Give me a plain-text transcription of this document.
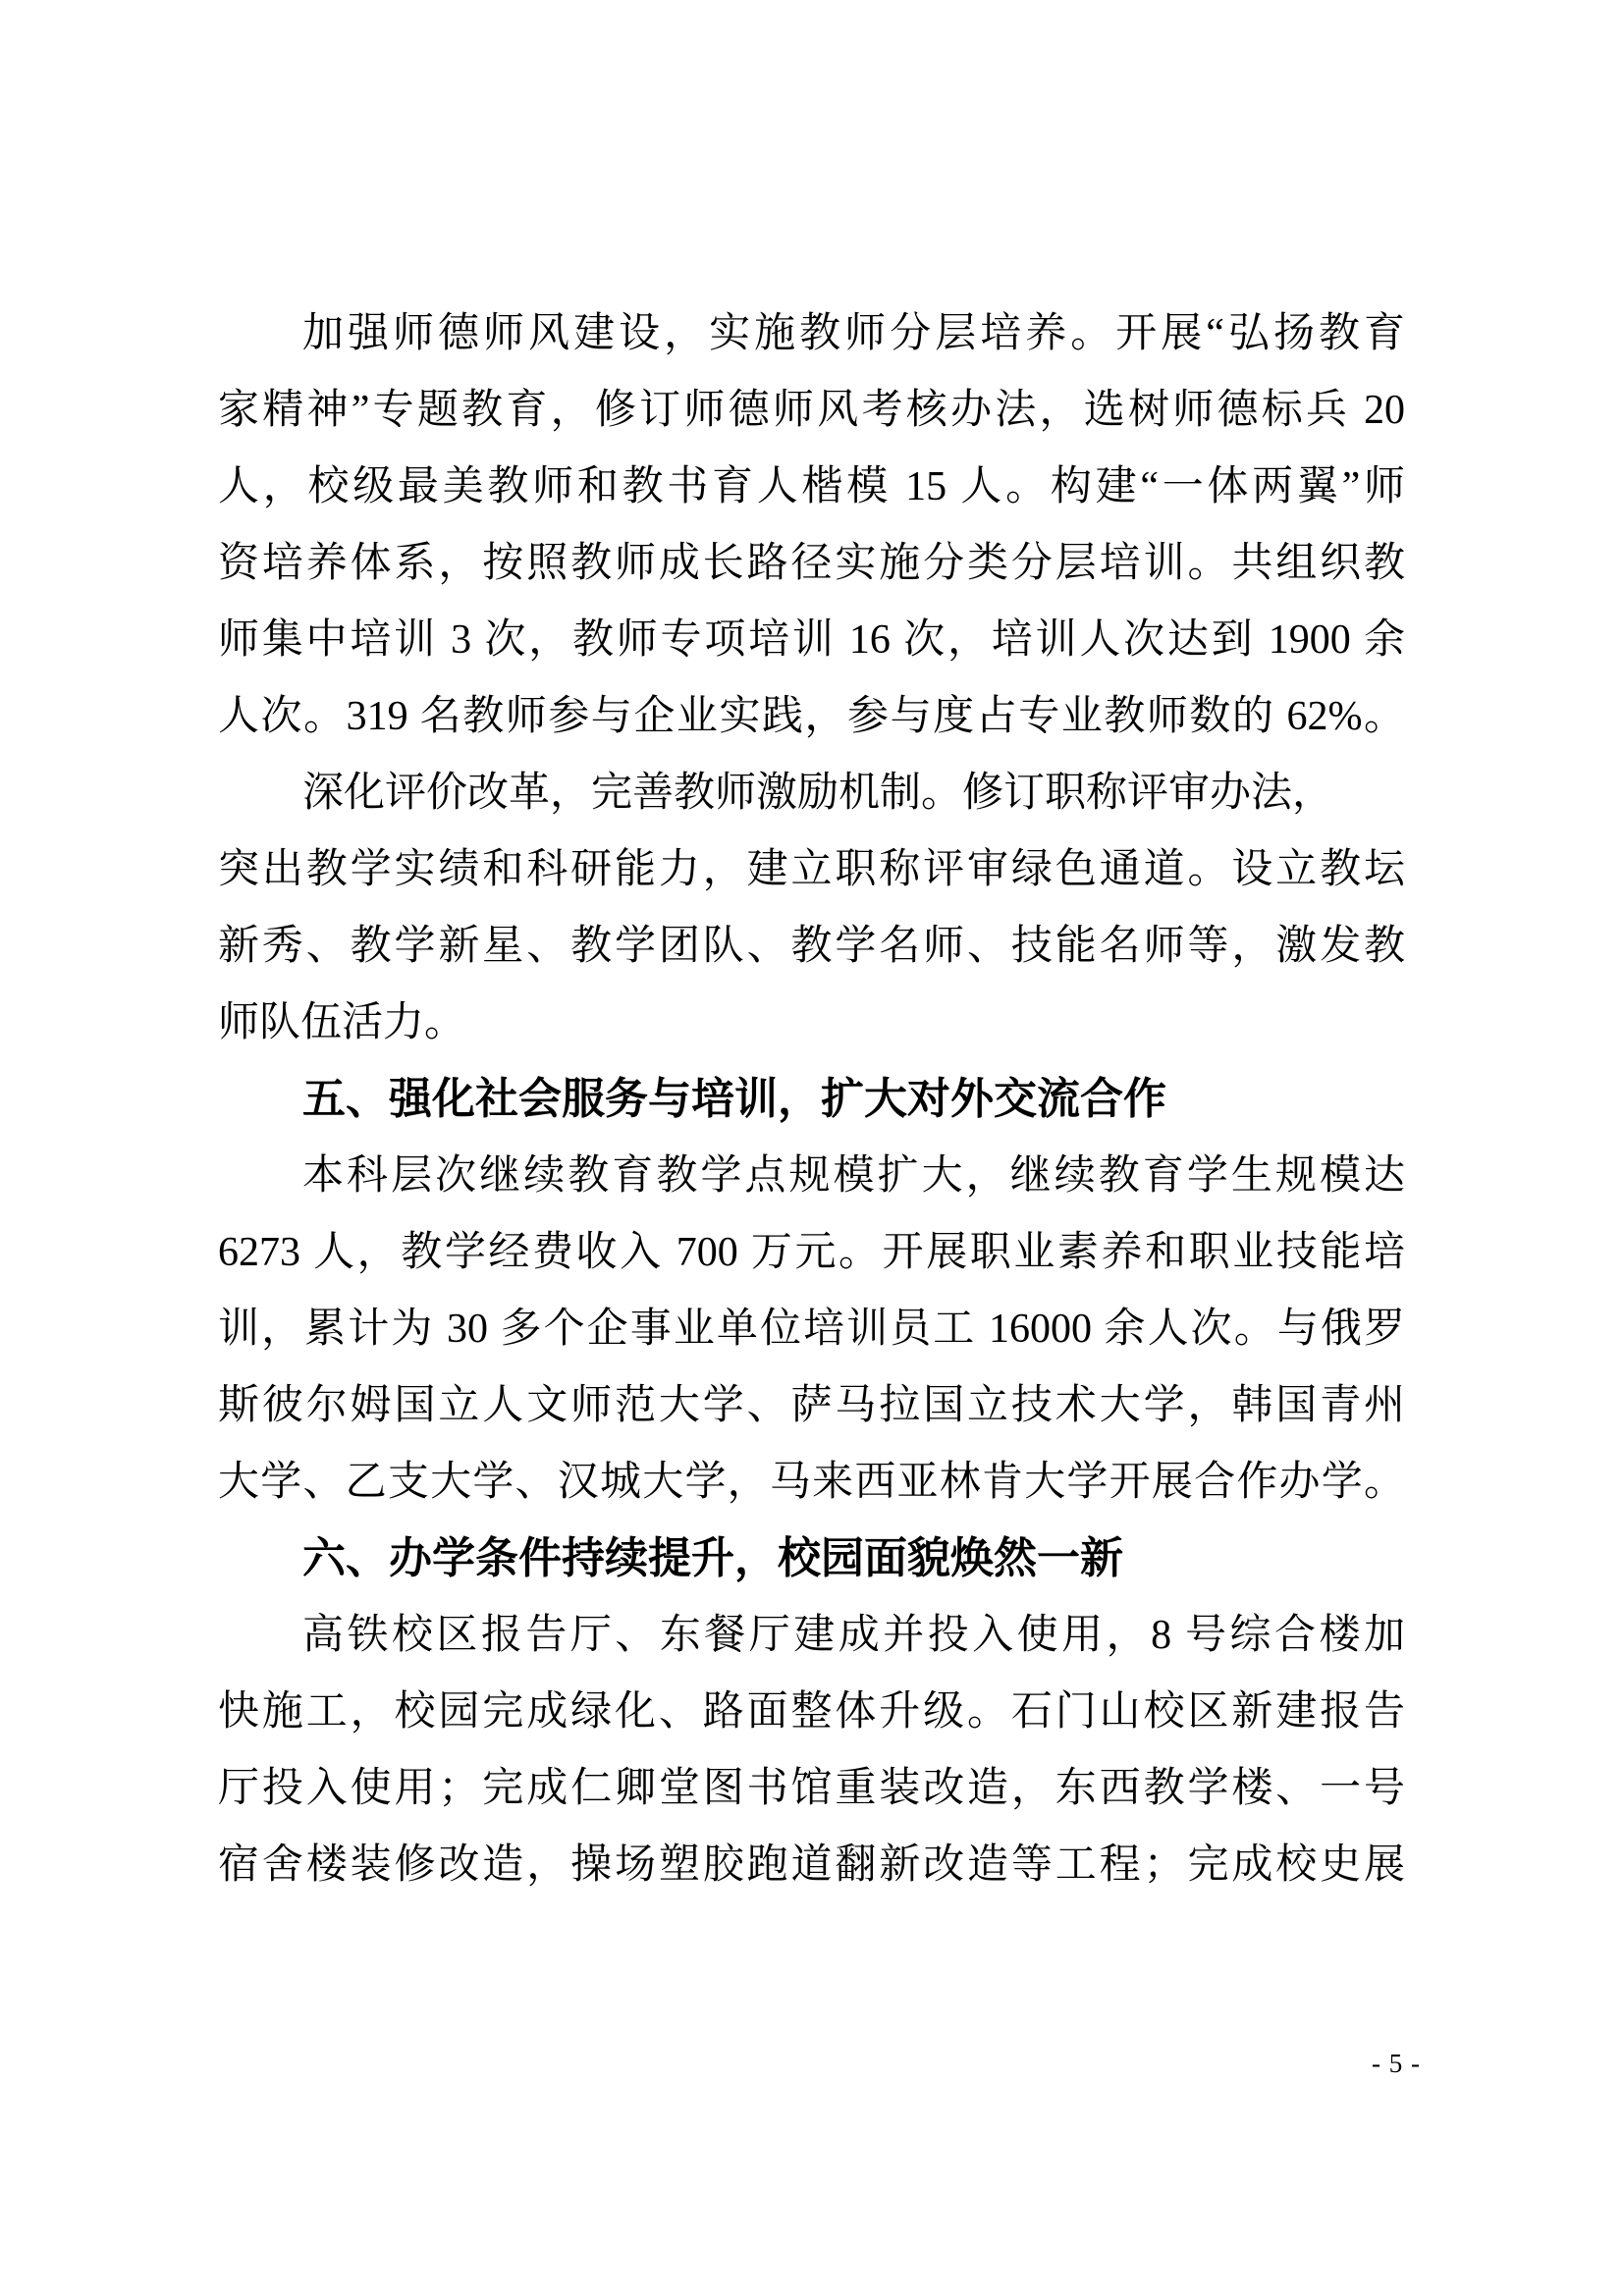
加强师德师风建设，实施教师分层培养。开展“弘扬教育
家精神”专题教育，修订师德师风考核办法，选树师德标兵 20
人，校级最美教师和教书育人楷模 15 人。构建“一体两翼”师
资培养体系，按照教师成长路径实施分类分层培训。共组织教
师集中培训 3 次，教师专项培训 16 次，培训人次达到 1900 余
人次。319 名教师参与企业实践，参与度占专业教师数的 62%。
深化评价改革，完善教师激励机制。修订职称评审办法，
突出教学实绩和科研能力，建立职称评审绿色通道。设立教坛
新秀、教学新星、教学团队、教学名师、技能名师等，激发教
师队伍活力。
五、强化社会服务与培训，扩大对外交流合作
本科层次继续教育教学点规模扩大，继续教育学生规模达
6273 人，教学经费收入 700 万元。开展职业素养和职业技能培
训，累计为 30 多个企事业单位培训员工 16000 余人次。与俄罗
斯彼尔姆国立人文师范大学、萨马拉国立技术大学，韩国青州
大学、乙支大学、汉城大学，马来西亚林肯大学开展合作办学。
六、办学条件持续提升，校园面貌焕然一新
高铁校区报告厅、东餐厅建成并投入使用，8 号综合楼加
快施工，校园完成绿化、路面整体升级。石门山校区新建报告
厅投入使用；完成仁卿堂图书馆重装改造，东西教学楼、一号
宿舍楼装修改造，操场塑胶跑道翻新改造等工程；完成校史展
- 5 -
